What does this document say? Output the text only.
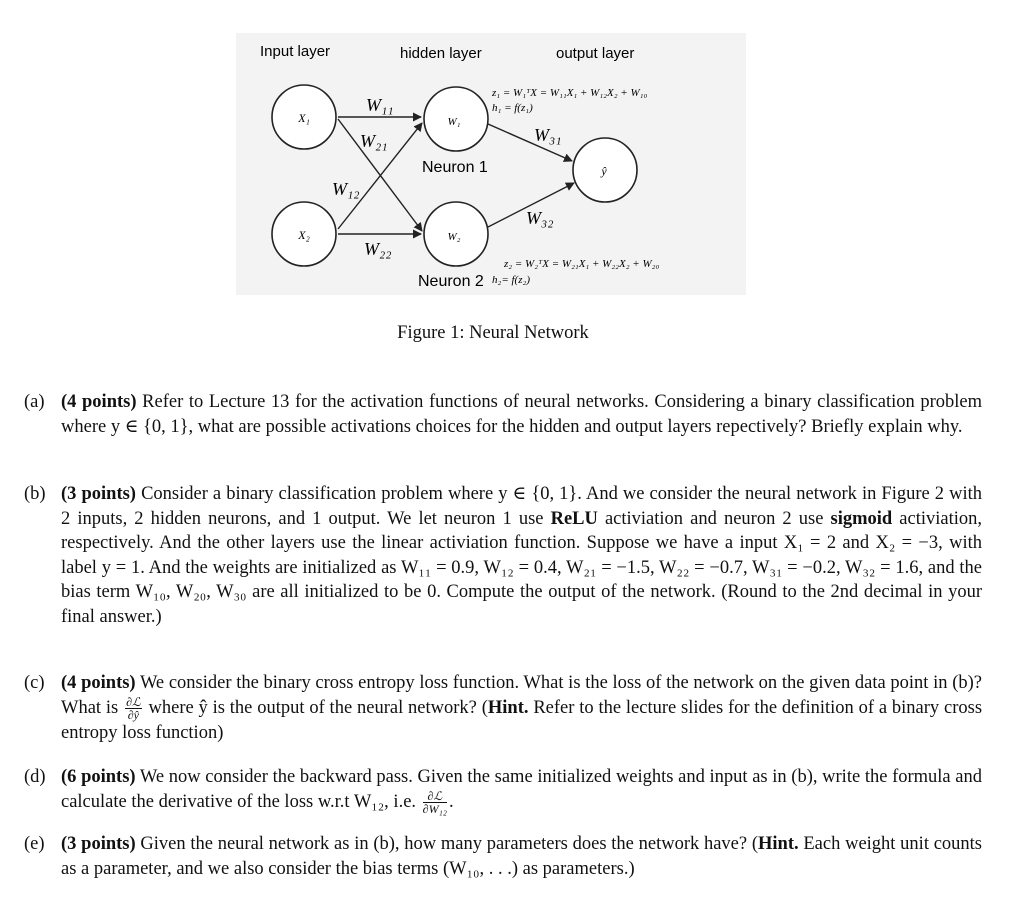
Input layer	hidden layer	output layer
X₁
X₂
W₁
W₂
ŷ
W₁₁
W₂₁
W₁₂
W₂₂
W₃₁
W₃₂
Neuron 1
Neuron 2
z₁ = W₁ᵀX = W₁₁X₁ + W₁₂X₂ + W₁₀
h₁ = f(z₁)
z₂ = W₂ᵀX = W₂₁X₁ + W₂₂X₂ + W₂₀
h₂= f(z₂)
Figure 1: Neural Network
(a) (4 points) Refer to Lecture 13 for the activation functions of neural networks. Considering a binary classification problem where y ∈ {0, 1}, what are possible activations choices for the hidden and output layers repectively? Briefly explain why.
(b) (3 points) Consider a binary classification problem where y ∈ {0, 1}. And we consider the neural network in Figure 2 with 2 inputs, 2 hidden neurons, and 1 output. We let neuron 1 use ReLU activiation and neuron 2 use sigmoid activiation, respectively. And the other layers use the linear activiation function. Suppose we have a input X₁ = 2 and X₂ = −3, with label y = 1. And the weights are initialized as W₁₁ = 0.9, W₁₂ = 0.4, W₂₁ = −1.5, W₂₂ = −0.7, W₃₁ = −0.2, W₃₂ = 1.6, and the bias term W₁₀, W₂₀, W₃₀ are all initialized to be 0. Compute the output of the network. (Round to the 2nd decimal in your final answer.)
(c) (4 points) We consider the binary cross entropy loss function. What is the loss of the network on the given data point in (b)? What is $\frac{\text{∂ℒ}}{\partial ŷ}$ where ŷ is the output of the neural network? (Hint. Refer to the lecture slides for the definition of a binary cross entropy loss function)
(d) (6 points) We now consider the backward pass. Given the same initialized weights and input as in (b), write the formula and calculate the derivative of the loss w.r.t W₁₂, i.e. $\frac{\text{∂ℒ}}{\text{∂W₁₂}}$ .
(e) (3 points) Given the neural network as in (b), how many parameters does the network have? (Hint. Each weight unit counts as a parameter, and we also consider the bias terms (W₁₀, . . .) as parameters.)
